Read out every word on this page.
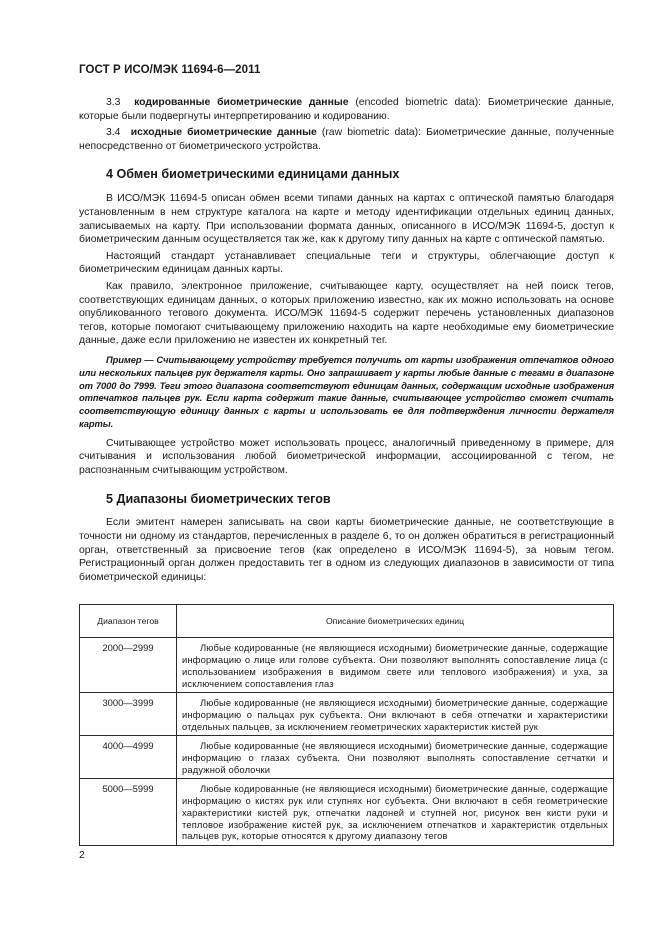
ГОСТ Р ИСО/МЭК 11694-6—2011

3.3 кодированные биометрические данные (encoded biometric data): Биометрические данные, которые были подвергнуты интерпретированию и кодированию.

3.4 исходные биометрические данные (raw biometric data): Биометрические данные, полученные непосредственно от биометрического устройства.

4 Обмен биометрическими единицами данных

В ИСО/МЭК 11694-5 описан обмен всеми типами данных на картах с оптической памятью благодаря установленным в нем структуре каталога на карте и методу идентификации отдельных единиц данных, записываемых на карту. При использовании формата данных, описанного в ИСО/МЭК 11694-5, доступ к биометрическим данным осуществляется так же, как к другому типу данных на карте с оптической памятью.

Настоящий стандарт устанавливает специальные теги и структуры, облегчающие доступ к биометрическим единицам данных карты.

Как правило, электронное приложение, считывающее карту, осуществляет на ней поиск тегов, соответствующих единицам данных, о которых приложению известно, как их можно использовать на основе опубликованного тегового документа. ИСО/МЭК 11694-5 содержит перечень установленных диапазонов тегов, которые помогают считывающему приложению находить на карте необходимые ему биометрические данные, даже если приложению не известен их конкретный тег.

Пример — Считывающему устройству требуется получить от карты изображения отпечатков одного или нескольких пальцев рук держателя карты. Оно запрашивает у карты любые данные с тегами в диапазоне от 7000 до 7999. Теги этого диапазона соответствуют единицам данных, содержащим исходные изображения отпечатков пальцев рук. Если карта содержит такие данные, считывающее устройство сможет считать соответствующую единицу данных с карты и использовать ее для подтверждения личности держателя карты.

Считывающее устройство может использовать процесс, аналогичный приведенному в примере, для считывания и использования любой биометрической информации, ассоциированной с тегом, не распознанным считывающим устройством.

5 Диапазоны биометрических тегов

Если эмитент намерен записывать на свои карты биометрические данные, не соответствующие в точности ни одному из стандартов, перечисленных в разделе 6, то он должен обратиться в регистрационный орган, ответственный за присвоение тегов (как определено в ИСО/МЭК 11694-5), за новым тегом. Регистрационный орган должен предоставить тег в одном из следующих диапазонов в зависимости от типа биометрической единицы:

Диапазон тегов	Описание биометрических единиц
2000—2999	Любые кодированные (не являющиеся исходными) биометрические данные, содержащие информацию о лице или голове субъекта. Они позволяют выполнять сопоставление лица (с использованием изображения в видимом свете или теплового изображения) и уха, за исключением сопоставления глаз
3000—3999	Любые кодированные (не являющиеся исходными) биометрические данные, содержащие информацию о пальцах рук субъекта. Они включают в себя отпечатки и характеристики отдельных пальцев, за исключением геометрических характеристик кистей рук
4000—4999	Любые кодированные (не являющиеся исходными) биометрические данные, содержащие информацию о глазах субъекта. Они позволяют выполнять сопоставление сетчатки и радужной оболочки
5000—5999	Любые кодированные (не являющиеся исходными) биометрические данные, содержащие информацию о кистях рук или ступнях ног субъекта. Они включают в себя геометрические характеристики кистей рук, отпечатки ладоней и ступней ног, рисунок вен кисти руки и тепловое изображение кистей рук, за исключением отпечатков и характеристик отдельных пальцев рук, которые относятся к другому диапазону тегов
2
